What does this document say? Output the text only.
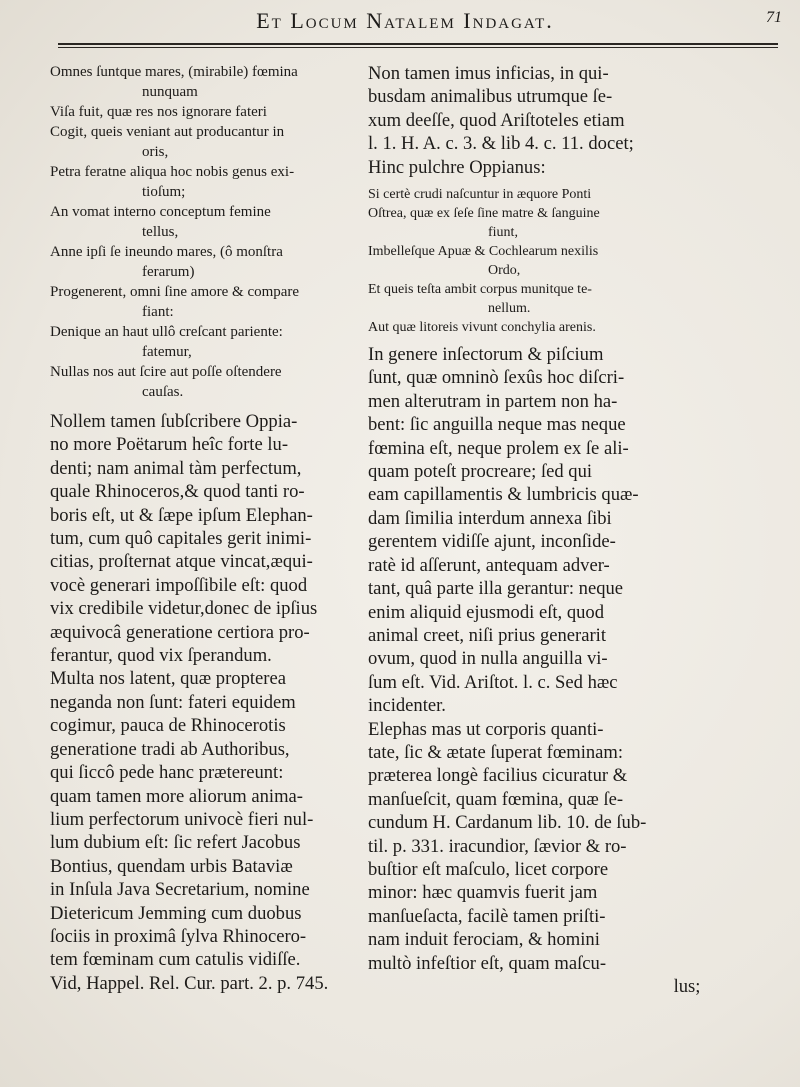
Et Locum Natalem Indagat.	71
Omnes ſuntque mares, (mirabile) fœmina
nunquam
Viſa fuit, quæ res nos ignorare fateri
Cogit, queis veniant aut producantur in
oris,
Petra feratne aliqua hoc nobis genus exi-
tioſum;
An vomat interno conceptum femine
tellus,
Anne ipſi ſe ineundo mares, (ô monſtra
ferarum)
Progenerent, omni ſine amore & compare
fiant:
Denique an haut ullô creſcant pariente:
fatemur,
Nullas nos aut ſcire aut poſſe oſtendere
cauſas.
Nollem tamen ſubſcribere Oppia-
no more Poëtarum heîc forte lu-
denti; nam animal tàm perfectum,
quale Rhinoceros,& quod tanti ro-
boris eſt, ut & ſæpe ipſum Elephan-
tum, cum quô capitales gerit inimi-
citias, proſternat atque vincat,æqui-
vocè generari impoſſibile eſt: quod
vix credibile videtur,donec de ipſius
æquivocâ generatione certiora pro-
ferantur, quod vix ſperandum.
Multa nos latent, quæ propterea
neganda non ſunt: fateri equidem
cogimur, pauca de Rhinocerotis
generatione tradi ab Authoribus,
qui ſiccô pede hanc prætereunt:
quam tamen more aliorum anima-
lium perfectorum univocè fieri nul-
lum dubium eſt: ſic refert Jacobus
Bontius, quendam urbis Bataviæ
in Inſula Java Secretarium, nomine
Dietericum Jemming cum duobus
ſociis in proximâ ſylva Rhinocero-
tem fœminam cum catulis vidiſſe.
Vid, Happel. Rel. Cur. part. 2. p. 745.
Non tamen imus inficias, in qui-
busdam animalibus utrumque ſe-
xum deeſſe, quod Ariſtoteles etiam
l. 1. H. A. c. 3. & lib 4. c. 11. docet;
Hinc pulchre Oppianus:
Si certè crudi naſcuntur in æquore Ponti
Oſtrea, quæ ex ſeſe ſine matre & ſanguine
fiunt,
Imbelleſque Apuæ & Cochlearum nexilis
Ordo,
Et queis teſta ambit corpus munitque te-
nellum.
Aut quæ litoreis vivunt conchylia arenis.
In genere inſectorum & piſcium
ſunt, quæ omninò ſexûs hoc diſcri-
men alterutram in partem non ha-
bent: ſic anguilla neque mas neque
fœmina eſt, neque prolem ex ſe ali-
quam poteſt procreare; ſed qui
eam capillamentis & lumbricis quæ-
dam ſimilia interdum annexa ſibi
gerentem vidiſſe ajunt, inconſide-
ratè id aſſerunt, antequam adver-
tant, quâ parte illa gerantur: neque
enim aliquid ejusmodi eſt, quod
animal creet, niſi prius generarit
ovum, quod in nulla anguilla vi-
ſum eſt. Vid. Ariſtot. l. c. Sed hæc
incidenter.
Elephas mas ut corporis quanti-
tate, ſic & ætate ſuperat fœminam:
præterea longè facilius cicuratur &
manſueſcit, quam fœmina, quæ ſe-
cundum H. Cardanum lib. 10. de ſub-
til. p. 331. iracundior, ſævior & ro-
buſtior eſt maſculo, licet corpore
minor: hæc quamvis fuerit jam
manſueſacta, facilè tamen priſti-
nam induit ferociam, & homini
multò infeſtior eſt, quam maſcu-
lus;
